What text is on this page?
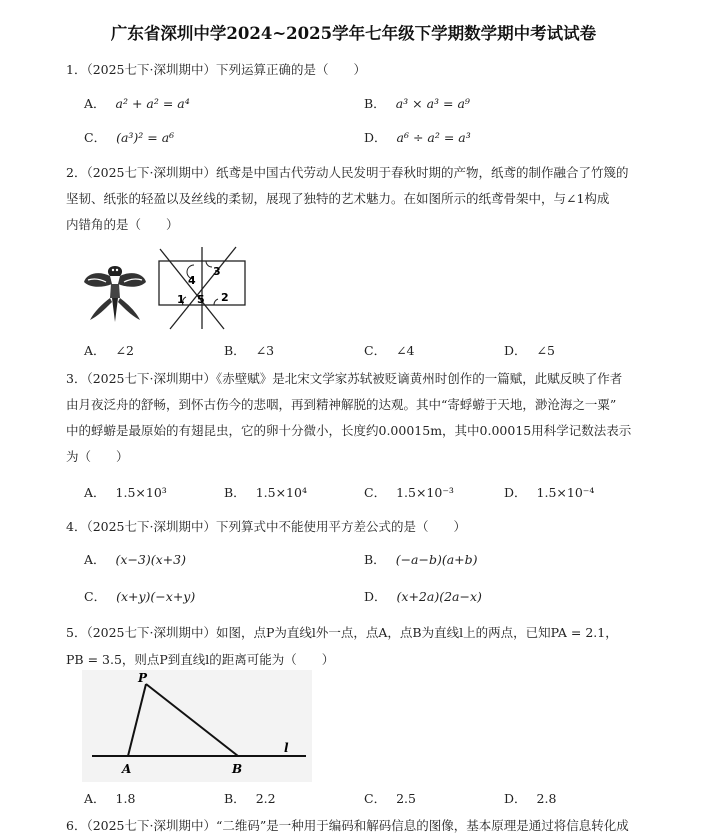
广东省深圳中学2024~2025学年七年级下学期数学期中考试试卷
1．（2025七下·深圳期中）下列运算正确的是（　　）
A． a² + a² = a⁴	B． a³ × a³ = a⁹
C． (a³)² = a⁶	D． a⁶ ÷ a² = a³
2．（2025七下·深圳期中）纸鸢是中国古代劳动人民发明于春秋时期的产物，纸鸢的制作融合了竹篾的
坚韧、纸张的轻盈以及丝线的柔韧，展现了独特的艺术魅力。在如图所示的纸鸢骨架中，与∠1构成
内错角的是（　　）
4
3
1 5 2
A． ∠2	B． ∠3	C． ∠4	D． ∠5
3．（2025七下·深圳期中）《赤壁赋》是北宋文学家苏轼被贬谪黄州时创作的一篇赋，此赋反映了作者
由月夜泛舟的舒畅，到怀古伤今的悲咽，再到精神解脱的达观。其中“寄蜉蝣于天地，渺沧海之一粟”
中的蜉蝣是最原始的有翅昆虫，它的卵十分微小，长度约0.00015m，其中0.00015用科学记数法表示
为（　　）
A． 1.5×10³	B． 1.5×10⁴	C． 1.5×10⁻³	D． 1.5×10⁻⁴
4．（2025七下·深圳期中）下列算式中不能使用平方差公式的是（　　）
A． (x−3)(x+3)	B． (−a−b)(a+b)
C． (x+y)(−x+y)	D． (x+2a)(2a−x)
5．（2025七下·深圳期中）如图，点P为直线l外一点，点A，点B为直线l上的两点，已知PA = 2.1，
PB = 3.5，则点P到直线l的距离可能为（　　）
P
A	B
l
A． 1.8	B． 2.2	C． 2.5	D． 2.8
6．（2025七下·深圳期中）“二维码”是一种用于编码和解码信息的图像，基本原理是通过将信息转化成
